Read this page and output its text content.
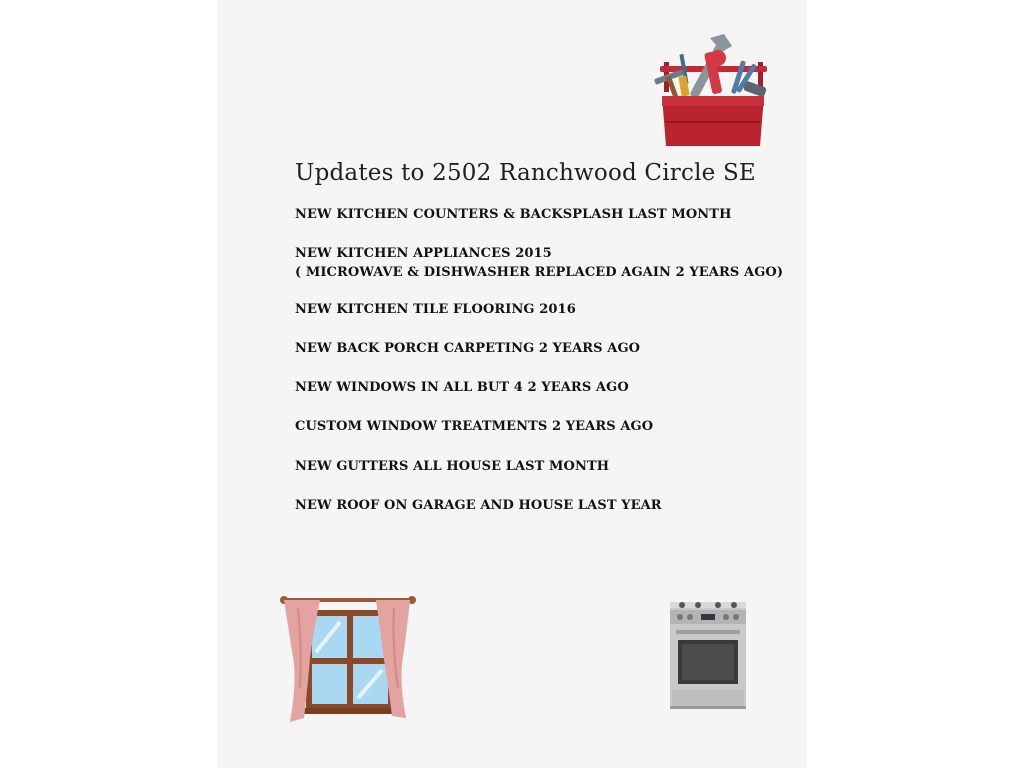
Updates to 2502 Ranchwood Circle SE
NEW KITCHEN COUNTERS & BACKSPLASH LAST MONTH
NEW KITCHEN APPLIANCES 2015
( MICROWAVE & DISHWASHER REPLACED AGAIN 2 YEARS AGO)
NEW KITCHEN TILE FLOORING 2016
NEW BACK PORCH CARPETING 2 YEARS AGO
NEW WINDOWS IN ALL BUT 4 2 YEARS AGO
CUSTOM WINDOW TREATMENTS 2 YEARS AGO
NEW GUTTERS ALL HOUSE LAST MONTH
NEW ROOF ON GARAGE AND HOUSE LAST YEAR
